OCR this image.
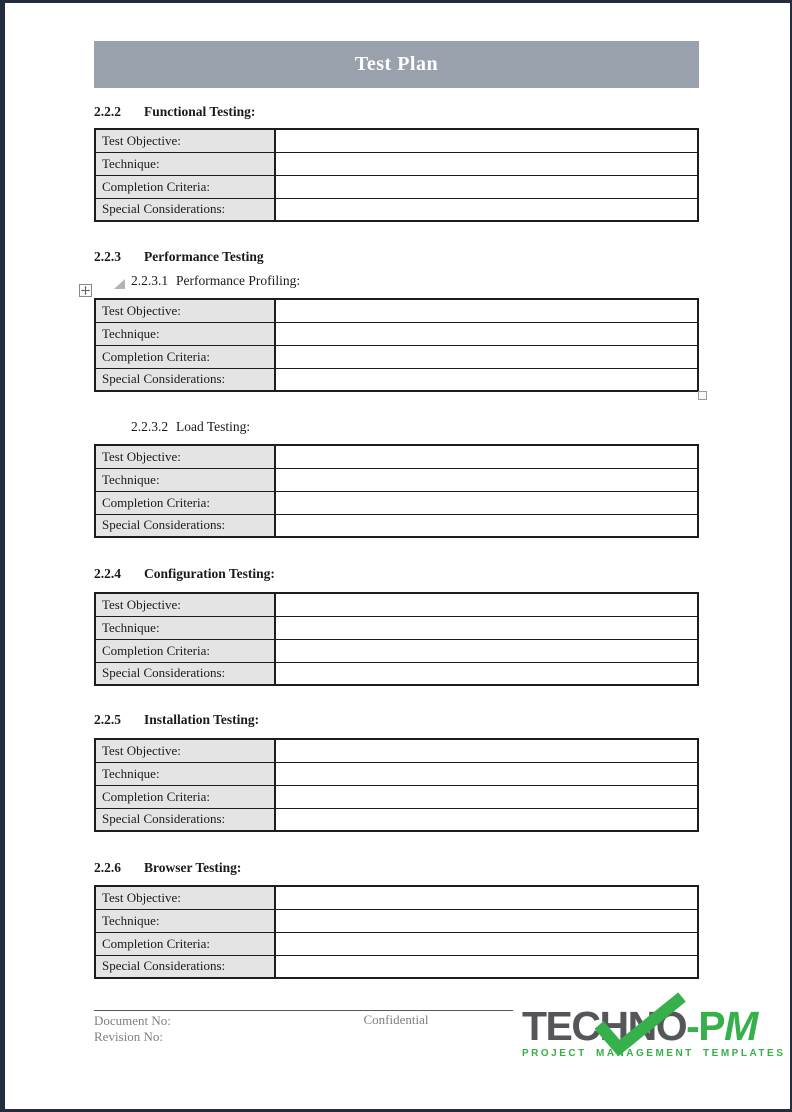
Test Plan
2.2.2 Functional Testing:
Test Objective:	
Technique:	
Completion Criteria:	
Special Considerations:	
2.2.3 Performance Testing
2.2.3.1 Performance Profiling:
Test Objective:	
Technique:	
Completion Criteria:	
Special Considerations:	
2.2.3.2 Load Testing:
Test Objective:	
Technique:	
Completion Criteria:	
Special Considerations:	
2.2.4 Configuration Testing:
Test Objective:	
Technique:	
Completion Criteria:	
Special Considerations:	
2.2.5 Installation Testing:
Test Objective:	
Technique:	
Completion Criteria:	
Special Considerations:	
2.2.6 Browser Testing:
Test Objective:	
Technique:	
Completion Criteria:	
Special Considerations:	
Document No:
Revision No:
Confidential TECHNO-PM
PROJECT MANAGEMENT TEMPLATES
